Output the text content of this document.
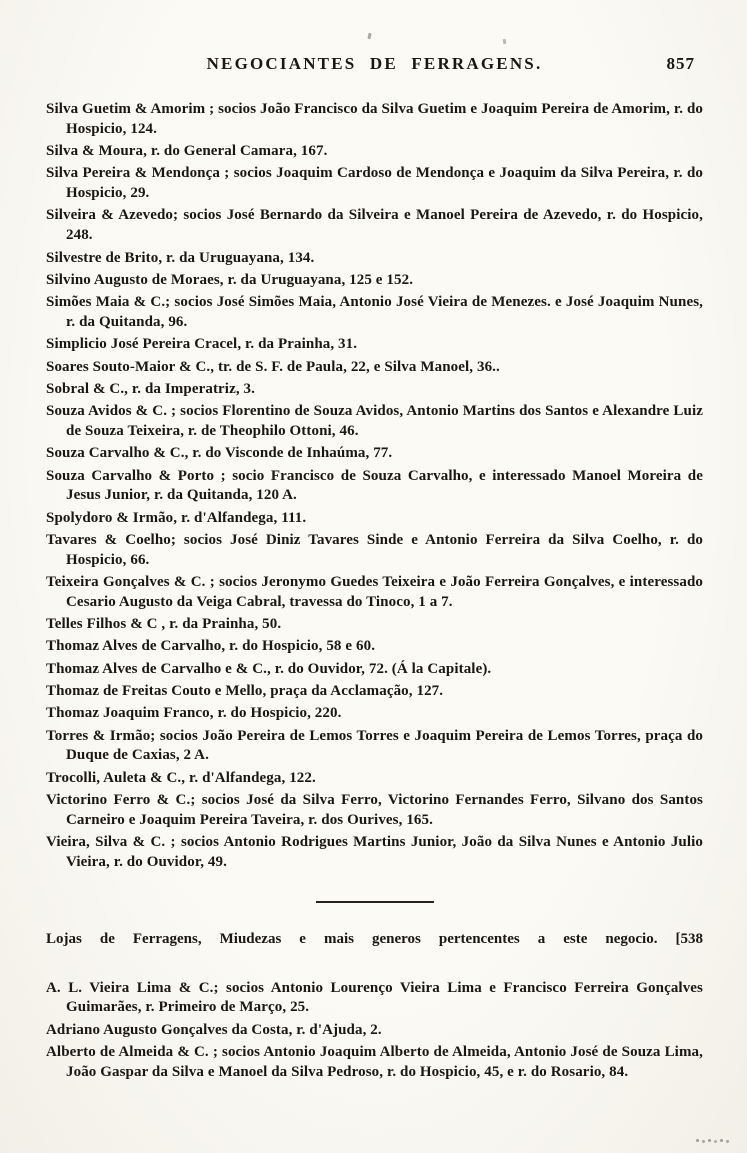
NEGOCIANTES DE FERRAGENS.	857

Silva Guetim & Amorim ; socios João Francisco da Silva Guetim e Joaquim Pereira de Amorim, r. do Hospicio, 124.

Silva & Moura, r. do General Camara, 167.

Silva Pereira & Mendonça ; socios Joaquim Cardoso de Mendonça e Joaquim da Silva Pereira, r. do Hospicio, 29.

Silveira & Azevedo; socios José Bernardo da Silveira e Manoel Pereira de Azevedo, r. do Hospicio, 248.

Silvestre de Brito, r. da Uruguayana, 134.

Silvino Augusto de Moraes, r. da Uruguayana, 125 e 152.

Simões Maia & C.; socios José Simões Maia, Antonio José Vieira de Menezes. e José Joaquim Nunes, r. da Quitanda, 96.

Simplicio José Pereira Cracel, r. da Prainha, 31.

Soares Souto-Maior & C., tr. de S. F. de Paula, 22, e Silva Manoel, 36..

Sobral & C., r. da Imperatriz, 3.

Souza Avidos & C. ; socios Florentino de Souza Avidos, Antonio Martins dos Santos e Alexandre Luiz de Souza Teixeira, r. de Theophilo Ottoni, 46.

Souza Carvalho & C., r. do Visconde de Inhaúma, 77.

Souza Carvalho & Porto ; socio Francisco de Souza Carvalho, e interessado Manoel Moreira de Jesus Junior, r. da Quitanda, 120 A.

Spolydoro & Irmão, r. d'Alfandega, 111.

Tavares & Coelho; socios José Diniz Tavares Sinde e Antonio Ferreira da Silva Coelho, r. do Hospicio, 66.

Teixeira Gonçalves & C. ; socios Jeronymo Guedes Teixeira e João Ferreira Gonçalves, e interessado Cesario Augusto da Veiga Cabral, travessa do Tinoco, 1 a 7.

Telles Filhos & C , r. da Prainha, 50.

Thomaz Alves de Carvalho, r. do Hospicio, 58 e 60.

Thomaz Alves de Carvalho e & C., r. do Ouvidor, 72. (Á la Capitale).

Thomaz de Freitas Couto e Mello, praça da Acclamação, 127.

Thomaz Joaquim Franco, r. do Hospicio, 220.

Torres & Irmão; socios João Pereira de Lemos Torres e Joaquim Pereira de Lemos Torres, praça do Duque de Caxias, 2 A.

Trocolli, Auleta & C., r. d'Alfandega, 122.

Victorino Ferro & C.; socios José da Silva Ferro, Victorino Fernandes Ferro, Silvano dos Santos Carneiro e Joaquim Pereira Taveira, r. dos Ourives, 165.

Vieira, Silva & C. ; socios Antonio Rodrigues Martins Junior, João da Silva Nunes e Antonio Julio Vieira, r. do Ouvidor, 49.

Lojas de Ferragens, Miudezas e mais generos pertencentes a este negocio. [538

A. L. Vieira Lima & C.; socios Antonio Lourenço Vieira Lima e Francisco Ferreira Gonçalves Guimarães, r. Primeiro de Março, 25.

Adriano Augusto Gonçalves da Costa, r. d'Ajuda, 2.

Alberto de Almeida & C. ; socios Antonio Joaquim Alberto de Almeida, Antonio José de Souza Lima, João Gaspar da Silva e Manoel da Silva Pedroso, r. do Hospicio, 45, e r. do Rosario, 84.
